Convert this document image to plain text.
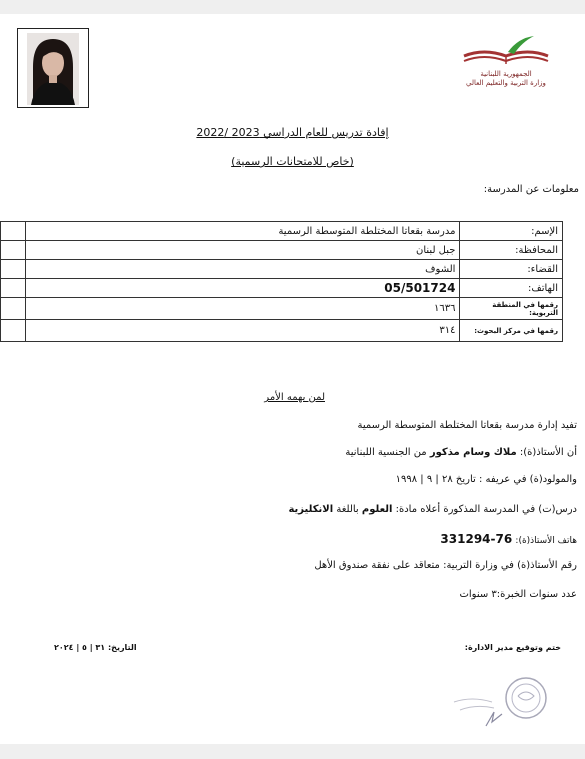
الجمهورية اللبنانية
وزارة التربية والتعليم العالي
إفادة تدريس للعام الدراسي 2023 /2022
(خاص للامتحانات الرسمية)
معلومات عن المدرسة:
الإسم:	مدرسة بقعاتا المختلطة المتوسطة الرسمية	
المحافظة:	جبل لبنان	
القضاء:	الشوف	
الهاتف:	05/501724	
رقمها في المنطقة التربوية:	١٦٣٦	
رقمها في مركز البحوث:	٣١٤	
لمن يهمه الأمر
تفيد إدارة مدرسة بقعاتا المختلطة المتوسطة الرسمية
أن الأستاذ(ة): ملاك وسام مذكور من الجنسية اللبنانية
والمولود(ة) في عريفه : تاريخ ٢٨ | ٩ | ١٩٩٨
درس(ت) في المدرسة المذكورة أعلاه مادة: العلوم باللغة الانكليزية
هاتف الأستاذ(ة): 76-331294
رقم الأستاذ(ة) في وزارة التربية: متعاقد على نفقة صندوق الأهل
عدد سنوات الخبرة:٣ سنوات
ختم وتوقيع مدير الادارة:
التاريخ: ٣١ | ٥ | ٢٠٢٤
